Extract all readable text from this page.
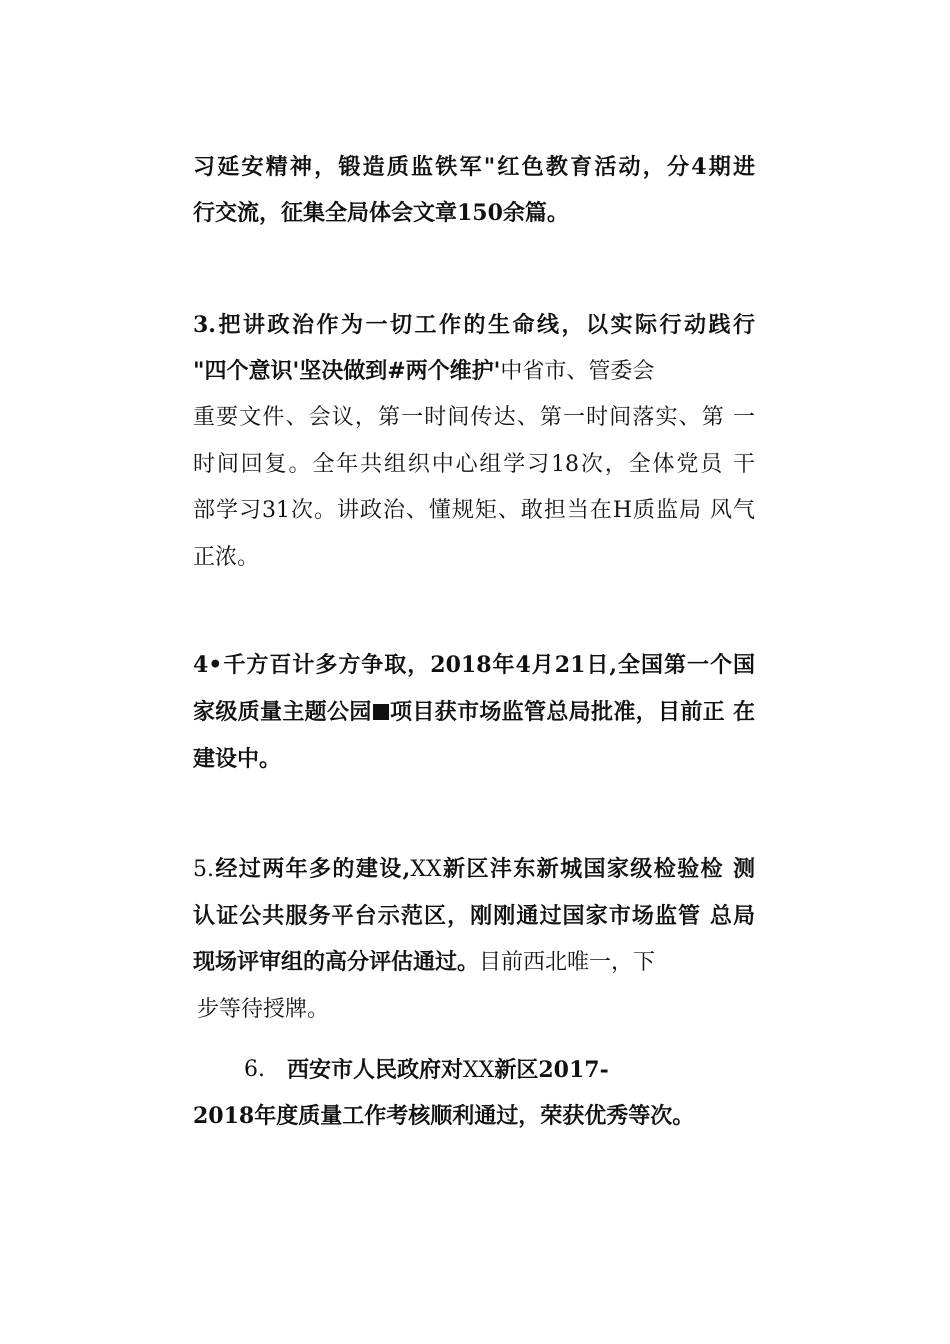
习延安精神，锻造质监铁军"红色教育活动，分4期进

行交流，征集全局体会文章150余篇。

3.把讲政治作为一切工作的生命线，以实际行动践行

"四个意识'坚决做到#两个维护'中省市、管委会

重要文件、会议，第一时间传达、第一时间落实、第 一

时间回复。全年共组织中心组学习18次，全体党员 干

部学习31次。讲政治、懂规矩、敢担当在H质监局 风气

正浓。

4•千方百计多方争取，2018年4月21日,全国第一个国

家级质量主题公园 项目获市场监管总局批准，目前正 在

建设中。

5.经过两年多的建设,XX新区沣东新城国家级检验检 测

认证公共服务平台示范区，刚刚通过国家市场监管 总局

现场评审组的高分评估通过。目前西北唯一，下

步等待授牌。

6. 西安市人民政府对XX新区2017-

2018年度质量工作考核顺利通过，荣获优秀等次。
